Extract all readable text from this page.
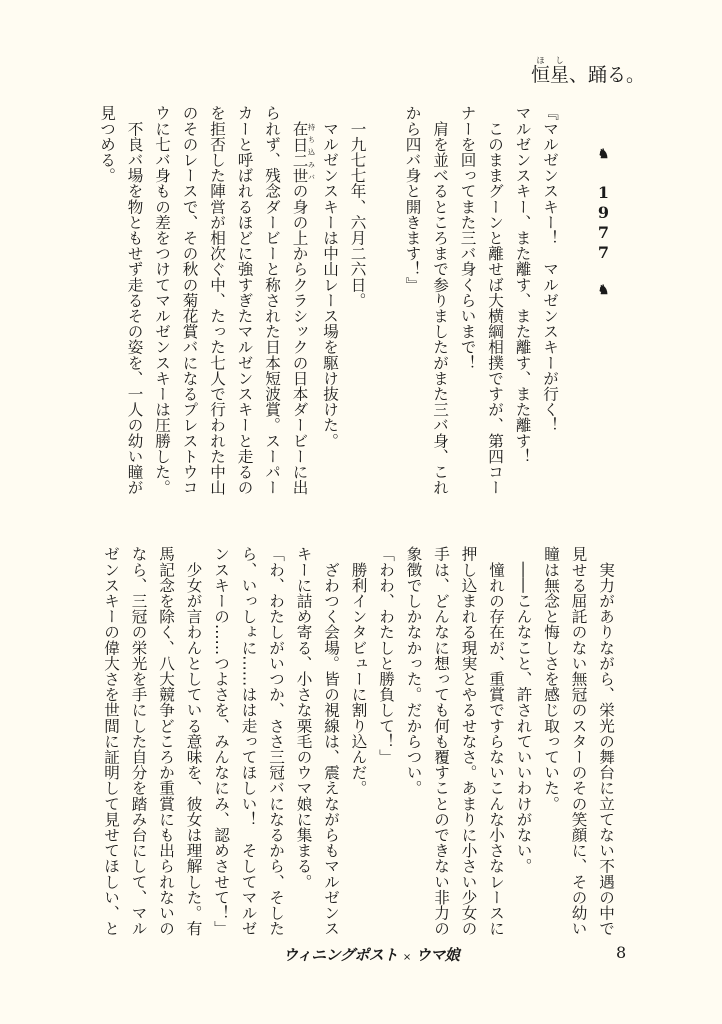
恒星ほし、踊る。
♞ 1977 ♞
『マルゼンスキー！　マルゼンスキーが行く！
マルゼンスキー、また離す、また離す、また離す！
　このままグーンと離せば大横綱相撲ですが、第四コー
ナーを回ってまた三バ身くらいまで！
　肩を並べるところまで参りましたがまた三バ身、これ
から四バ身と開きます！』

　一九七七年、六月二六日。
　マルゼンスキーは中山レース場を駆け抜けた。
　在日二世 持ち込みバの身の上からクラシックの日本ダービーに出
られず、残念ダービーと称された日本短波賞。スーパー
カーと呼ばれるほどに強すぎたマルゼンスキーと走るの
を拒否した陣営が相次ぐ中、たった七人で行われた中山
のそのレースで、その秋の菊花賞バになるプレストウコ
ウに七バ身もの差をつけてマルゼンスキーは圧勝した。
　不良バ場を物ともせず走るその姿を、一人の幼い瞳が
見つめる。
　実力がありながら、栄光の舞台に立てない不遇の中で
見せる屈託のない無冠のスターのその笑顔に、その幼い
瞳は無念と悔しさを感じ取っていた。
　――こんなこと、許されていいわけがない。
　憧れの存在が、重賞ですらないこんな小さなレースに
押し込まれる現実とやるせなさ。あまりに小さい少女の
手は、どんなに想っても何も覆すことのできない非力の
象徴でしかなかった。だからつい。
「わわ、わたしと勝負して！」
　勝利インタビューに割り込んだ。
　ざわつく会場。皆の視線は、震えながらもマルゼンス
キーに詰め寄る、小さな栗毛のウマ娘に集まる。
「わ、わたしがいつか、ささ三冠バになるから、そした
ら、いっしょに……はは走ってほしい！　そしてマルゼ
ンスキーの……つよさを、みんなにみ、認めさせて！」
　少女が言わんとしている意味を、彼女は理解した。有
馬記念を除く、八大競争どころか重賞にも出られないの
なら、三冠の栄光を手にした自分を踏み台にして、マル
ゼンスキーの偉大さを世間に証明して見せてほしい、と
ウィニングポスト × ウマ娘	8
